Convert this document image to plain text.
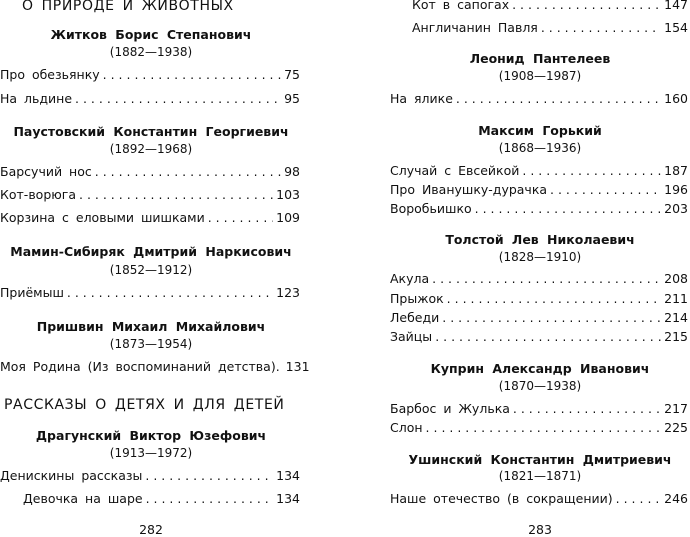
О ПРИРОДЕ И ЖИВОТНЫХ
Житков Борис Степанович
(1882—1938)
Про обезьянку . . .	75
На льдине . . .	95
Паустовский Константин Георгиевич
(1892—1968)
Барсучий нос . . .	98
Кот-ворюга . . .	103
Корзина с еловыми шишками . . .	109
Мамин-Сибиряк Дмитрий Наркисович
(1852—1912)
Приёмыш . . .	123
Пришвин Михаил Михайлович
(1873—1954)
Моя Родина (Из воспоминаний детства). . . . 131
РАССКАЗЫ О ДЕТЯХ И ДЛЯ ДЕТЕЙ
Драгунский Виктор Юзефович
(1913—1972)
Денискины рассказы . . .	134
Девочка на шаре . . .	134
282
Кот в сапогах . . .	147
Англичанин Павля . . .	154
Леонид Пантелеев
(1908—1987)
На ялике . . .	160
Максим Горький
(1868—1936)
Случай с Евсейкой . . .	187
Про Иванушку-дурачка . . .	196
Воробьишко . . .	203
Толстой Лев Николаевич
(1828—1910)
Акула . . .	208
Прыжок . . .	211
Лебеди . . .	214
Зайцы . . .	215
Куприн Александр Иванович
(1870—1938)
Барбос и Жулька . . .	217
Слон . . .	225
Ушинский Константин Дмитриевич
(1821—1871)
Наше отечество (в сокращении) . . .	246
283
